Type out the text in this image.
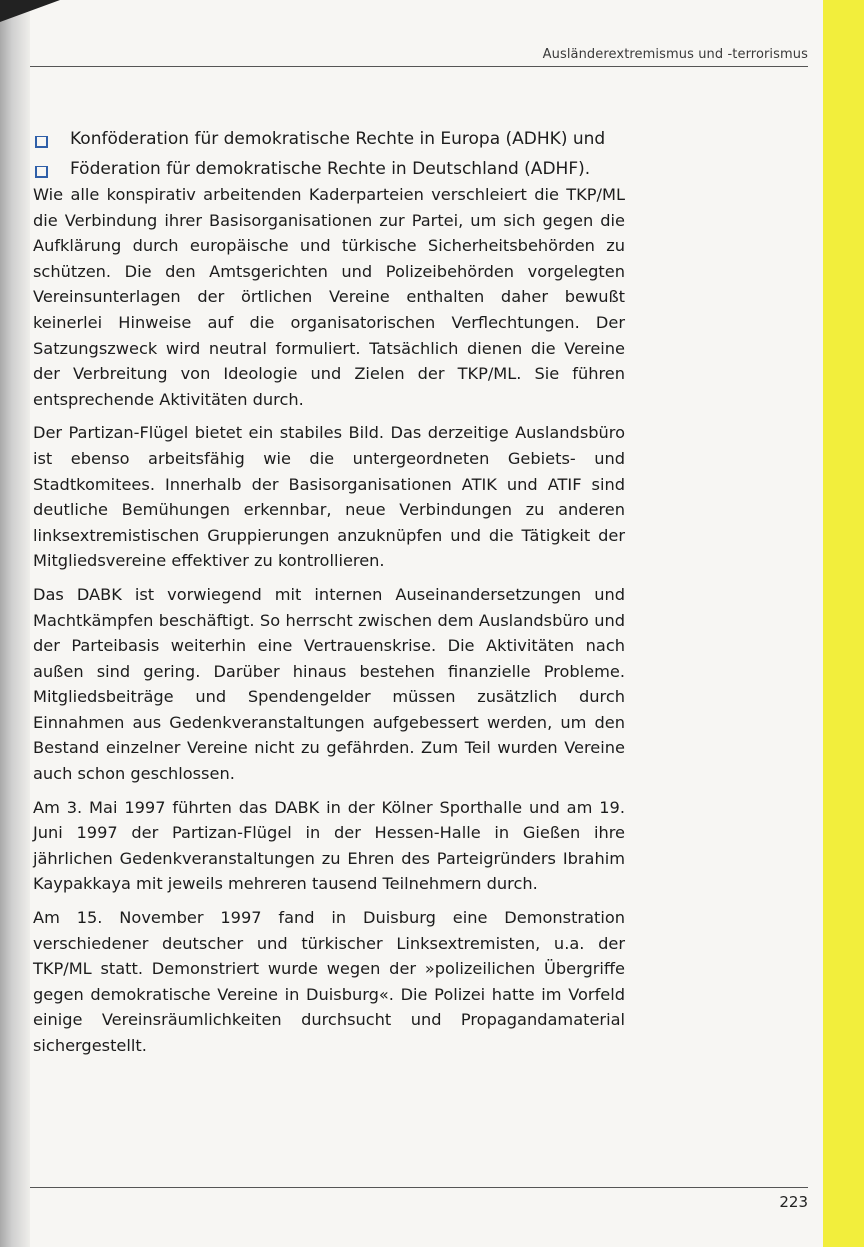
Ausländerextremismus und -terrorismus
Konföderation für demokratische Rechte in Europa (ADHK) und
Föderation für demokratische Rechte in Deutschland (ADHF).

Wie alle konspirativ arbeitenden Kaderparteien verschleiert die TKP/ML die Verbindung ihrer Basisorganisationen zur Partei, um sich gegen die Aufklärung durch europäische und türkische Sicherheitsbehörden zu schützen. Die den Amtsgerichten und Polizeibehörden vorgelegten Vereinsunterlagen der örtlichen Vereine enthalten daher bewußt keinerlei Hinweise auf die organisatorischen Verflechtungen. Der Satzungszweck wird neutral formuliert. Tatsächlich dienen die Vereine der Verbreitung von Ideologie und Zielen der TKP/ML. Sie führen entsprechende Aktivitäten durch.

Der Partizan-Flügel bietet ein stabiles Bild. Das derzeitige Auslandsbüro ist ebenso arbeitsfähig wie die untergeordneten Gebiets- und Stadtkomitees. Innerhalb der Basisorganisationen ATIK und ATIF sind deutliche Bemühungen erkennbar, neue Verbindungen zu anderen linksextremistischen Gruppierungen anzuknüpfen und die Tätigkeit der Mitgliedsvereine effektiver zu kontrollieren.

Das DABK ist vorwiegend mit internen Auseinandersetzungen und Machtkämpfen beschäftigt. So herrscht zwischen dem Auslandsbüro und der Parteibasis weiterhin eine Vertrauenskrise. Die Aktivitäten nach außen sind gering. Darüber hinaus bestehen finanzielle Probleme. Mitgliedsbeiträge und Spendengelder müssen zusätzlich durch Einnahmen aus Gedenkveranstaltungen aufgebessert werden, um den Bestand einzelner Vereine nicht zu gefährden. Zum Teil wurden Vereine auch schon geschlossen.

Am 3. Mai 1997 führten das DABK in der Kölner Sporthalle und am 19. Juni 1997 der Partizan-Flügel in der Hessen-Halle in Gießen ihre jährlichen Gedenkveranstaltungen zu Ehren des Parteigründers Ibrahim Kaypakkaya mit jeweils mehreren tausend Teilnehmern durch.

Am 15. November 1997 fand in Duisburg eine Demonstration verschiedener deutscher und türkischer Linksextremisten, u.a. der TKP/ML statt. Demonstriert wurde wegen der »polizeilichen Übergriffe gegen demokratische Vereine in Duisburg«. Die Polizei hatte im Vorfeld einige Vereinsräumlichkeiten durchsucht und Propagandamaterial sichergestellt.

223
